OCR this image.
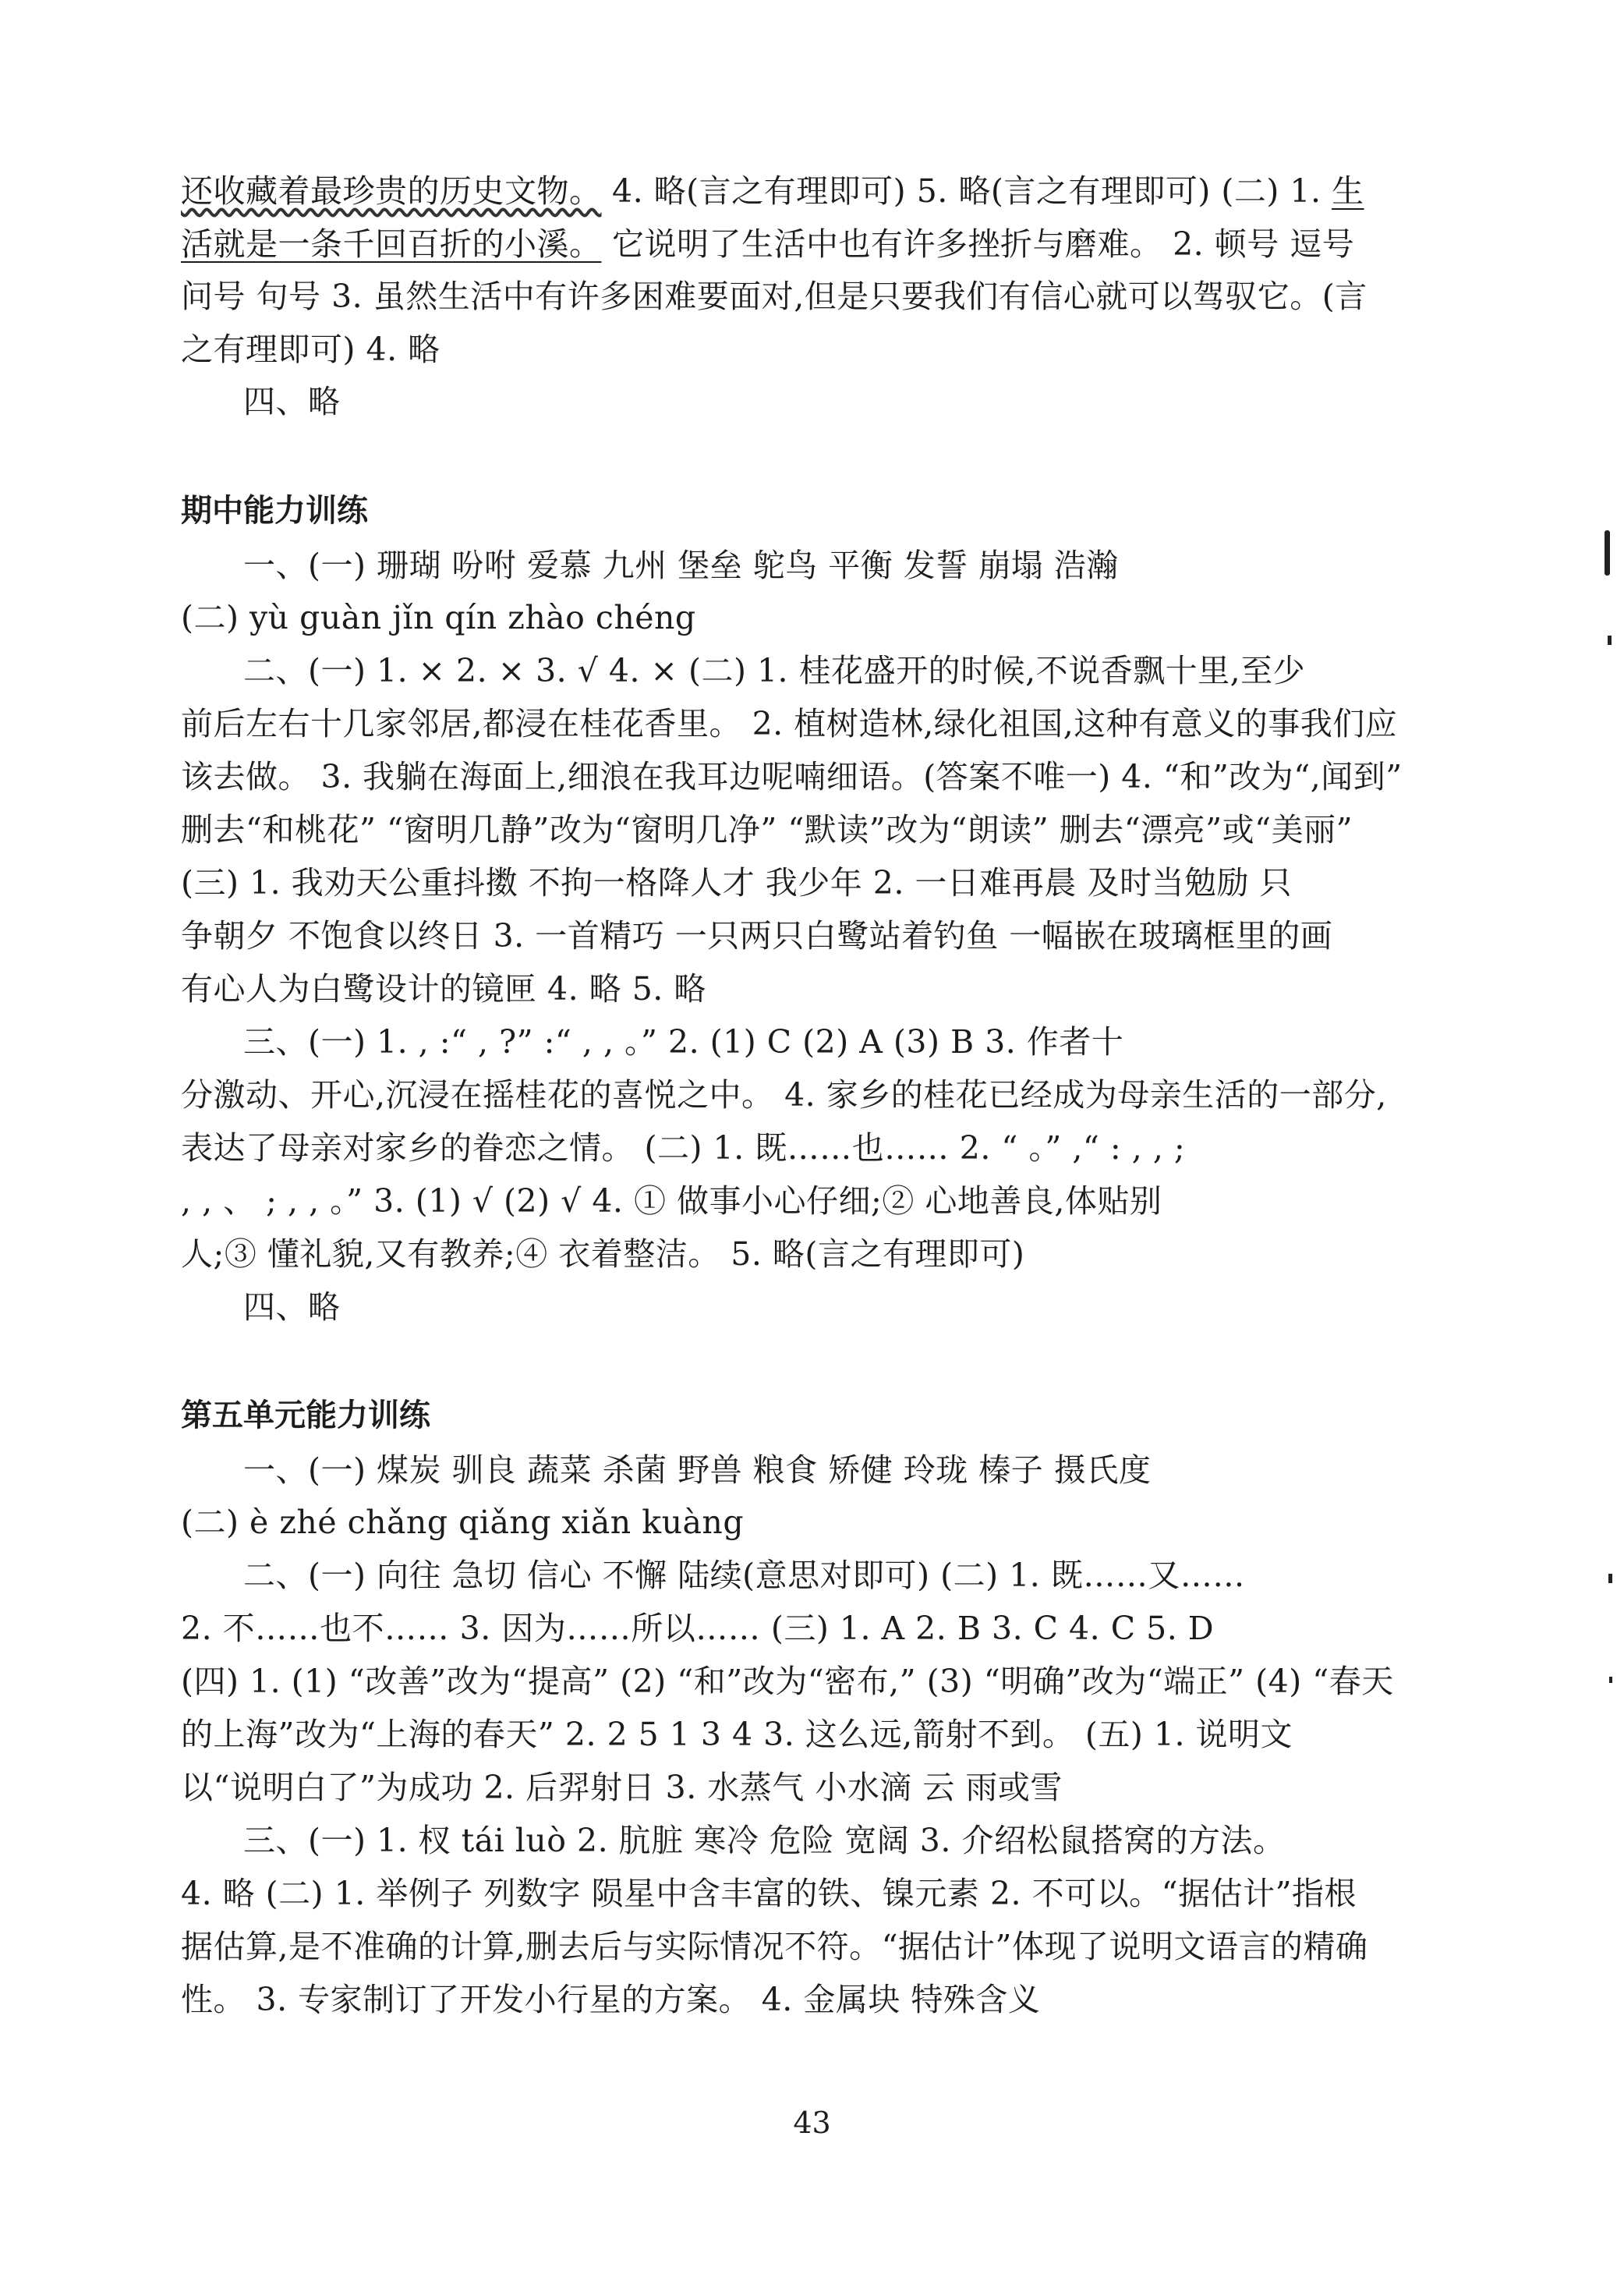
还收藏着最珍贵的历史文物。 4. 略(言之有理即可) 5. 略(言之有理即可) (二) 1. 生
活就是一条千回百折的小溪。 它说明了生活中也有许多挫折与磨难。 2. 顿号 逗号
问号 句号 3. 虽然生活中有许多困难要面对,但是只要我们有信心就可以驾驭它。(言
之有理即可) 4. 略
四、略
期中能力训练
一、(一) 珊瑚 吩咐 爱慕 九州 堡垒 鸵鸟 平衡 发誓 崩塌 浩瀚
(二) yù guàn jǐn qín zhào chéng
二、(一) 1. × 2. × 3. √ 4. × (二) 1. 桂花盛开的时候,不说香飘十里,至少
前后左右十几家邻居,都浸在桂花香里。 2. 植树造林,绿化祖国,这种有意义的事我们应
该去做。 3. 我躺在海面上,细浪在我耳边呢喃细语。(答案不唯一) 4. “和”改为“,闻到”
删去“和桃花” “窗明几静”改为“窗明几净” “默读”改为“朗读” 删去“漂亮”或“美丽”
(三) 1. 我劝天公重抖擞 不拘一格降人才 我少年 2. 一日难再晨 及时当勉励 只
争朝夕 不饱食以终日 3. 一首精巧 一只两只白鹭站着钓鱼 一幅嵌在玻璃框里的画
有心人为白鹭设计的镜匣 4. 略 5. 略
三、(一) 1. , :“ , ?” :“ , , 。” 2. (1) C (2) A (3) B 3. 作者十
分激动、开心,沉浸在摇桂花的喜悦之中。 4. 家乡的桂花已经成为母亲生活的一部分,
表达了母亲对家乡的眷恋之情。 (二) 1. 既……也…… 2. “ 。” ,“ : , , ;
, , 、 ; , , 。” 3. (1) √ (2) √ 4. ① 做事小心仔细;② 心地善良,体贴别
人;③ 懂礼貌,又有教养;④ 衣着整洁。 5. 略(言之有理即可)
四、略
第五单元能力训练
一、(一) 煤炭 驯良 蔬菜 杀菌 野兽 粮食 矫健 玲珑 榛子 摄氏度
(二) è zhé chǎng qiǎng xiǎn kuàng
二、(一) 向往 急切 信心 不懈 陆续(意思对即可) (二) 1. 既……又……
2. 不……也不…… 3. 因为……所以…… (三) 1. A 2. B 3. C 4. C 5. D
(四) 1. (1) “改善”改为“提高” (2) “和”改为“密布,” (3) “明确”改为“端正” (4) “春天
的上海”改为“上海的春天” 2. 2 5 1 3 4 3. 这么远,箭射不到。 (五) 1. 说明文
以“说明白了”为成功 2. 后羿射日 3. 水蒸气 小水滴 云 雨或雪
三、(一) 1. 杈 tái luò 2. 肮脏 寒冷 危险 宽阔 3. 介绍松鼠搭窝的方法。
4. 略 (二) 1. 举例子 列数字 陨星中含丰富的铁、镍元素 2. 不可以。“据估计”指根
据估算,是不准确的计算,删去后与实际情况不符。“据估计”体现了说明文语言的精确
性。 3. 专家制订了开发小行星的方案。 4. 金属块 特殊含义
43
